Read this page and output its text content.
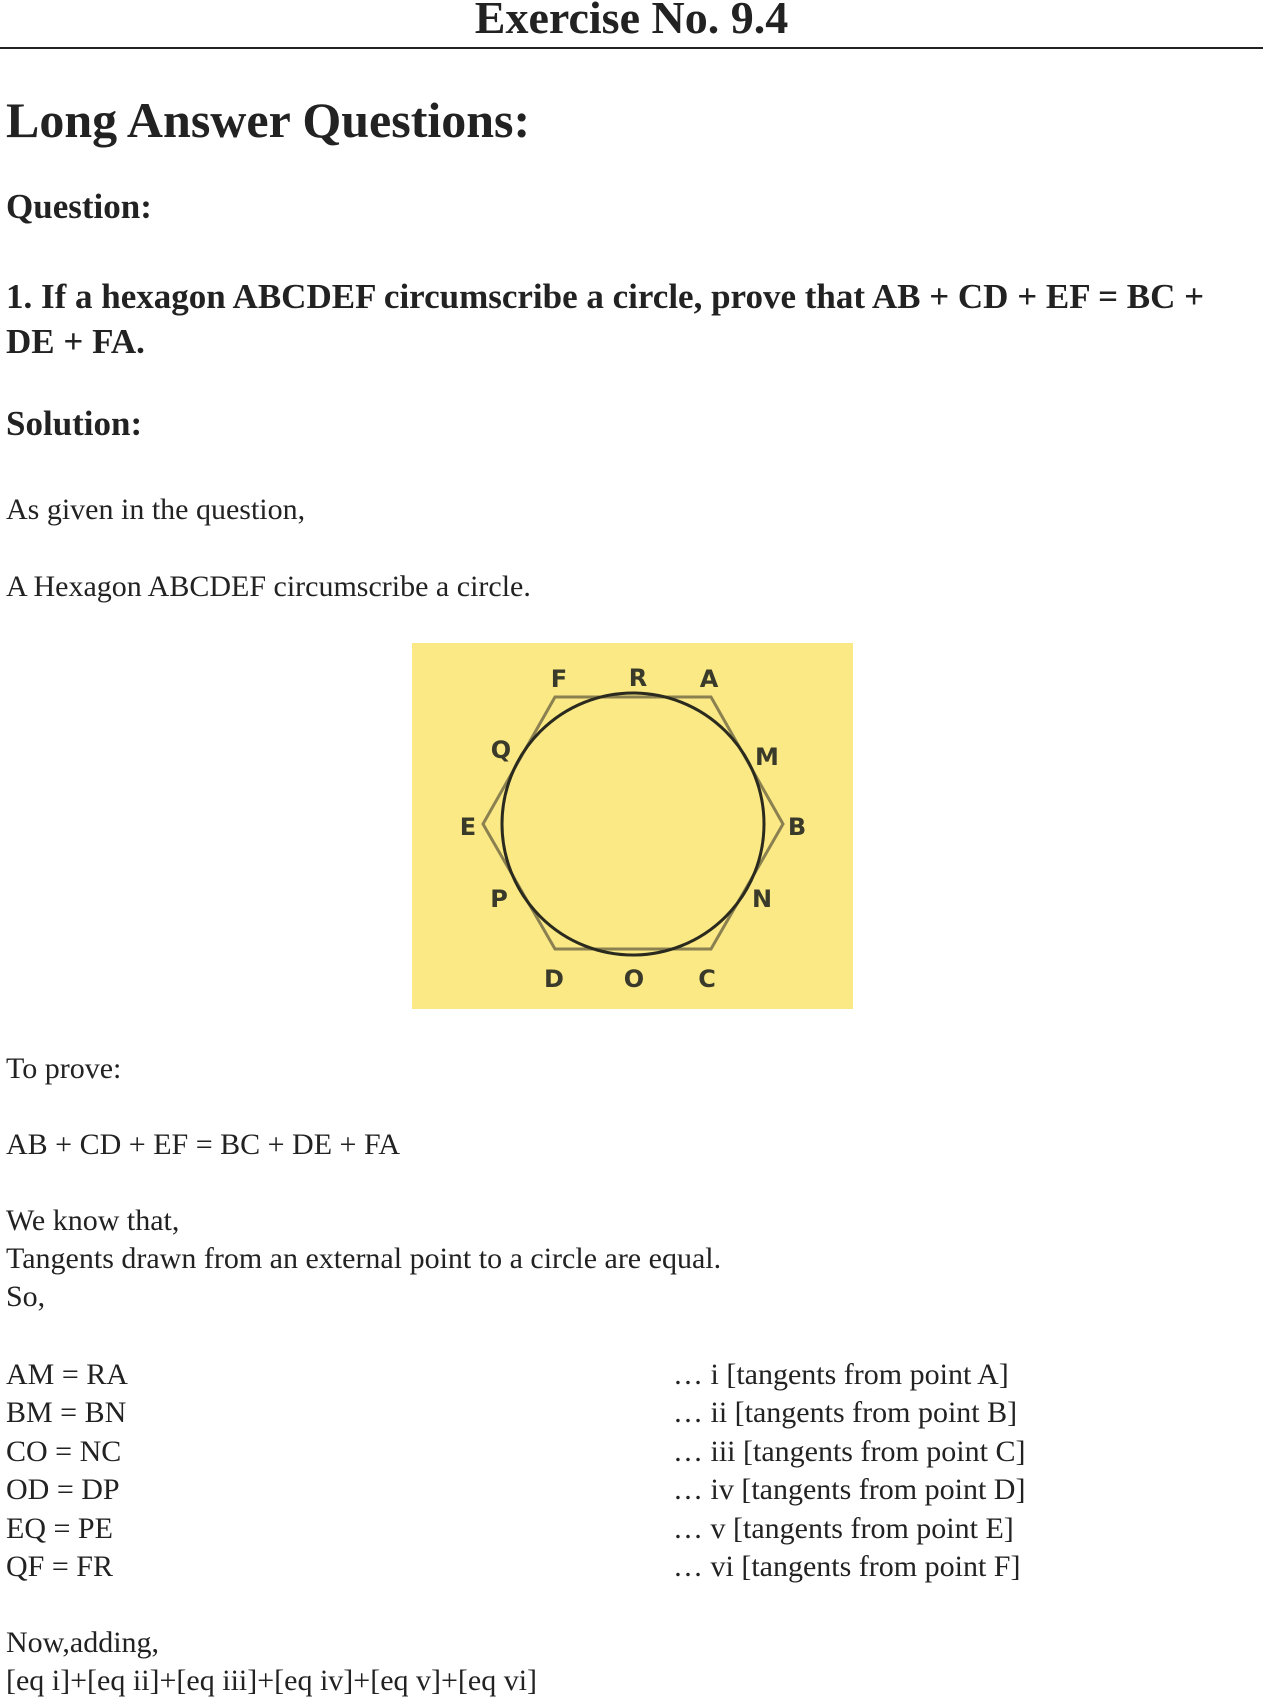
Exercise No. 9.4
Long Answer Questions:
Question:
1. If a hexagon ABCDEF circumscribe a circle, prove that AB + CD + EF = BC + DE + FA.
Solution:
As given in the question,
A Hexagon ABCDEF circumscribe a circle.
F	R A
Q	M
E	B
P	N
D O C
To prove:
AB + CD + EF = BC + DE + FA
We know that,
Tangents drawn from an external point to a circle are equal.
So,
AM = RA	… i [tangents from point A]
BM = BN	… ii [tangents from point B]
CO = NC	… iii [tangents from point C]
OD = DP	… iv [tangents from point D]
EQ = PE	… v [tangents from point E]
QF = FR	… vi [tangents from point F]
Now,adding,
[eq i]+[eq ii]+[eq iii]+[eq iv]+[eq v]+[eq vi]
